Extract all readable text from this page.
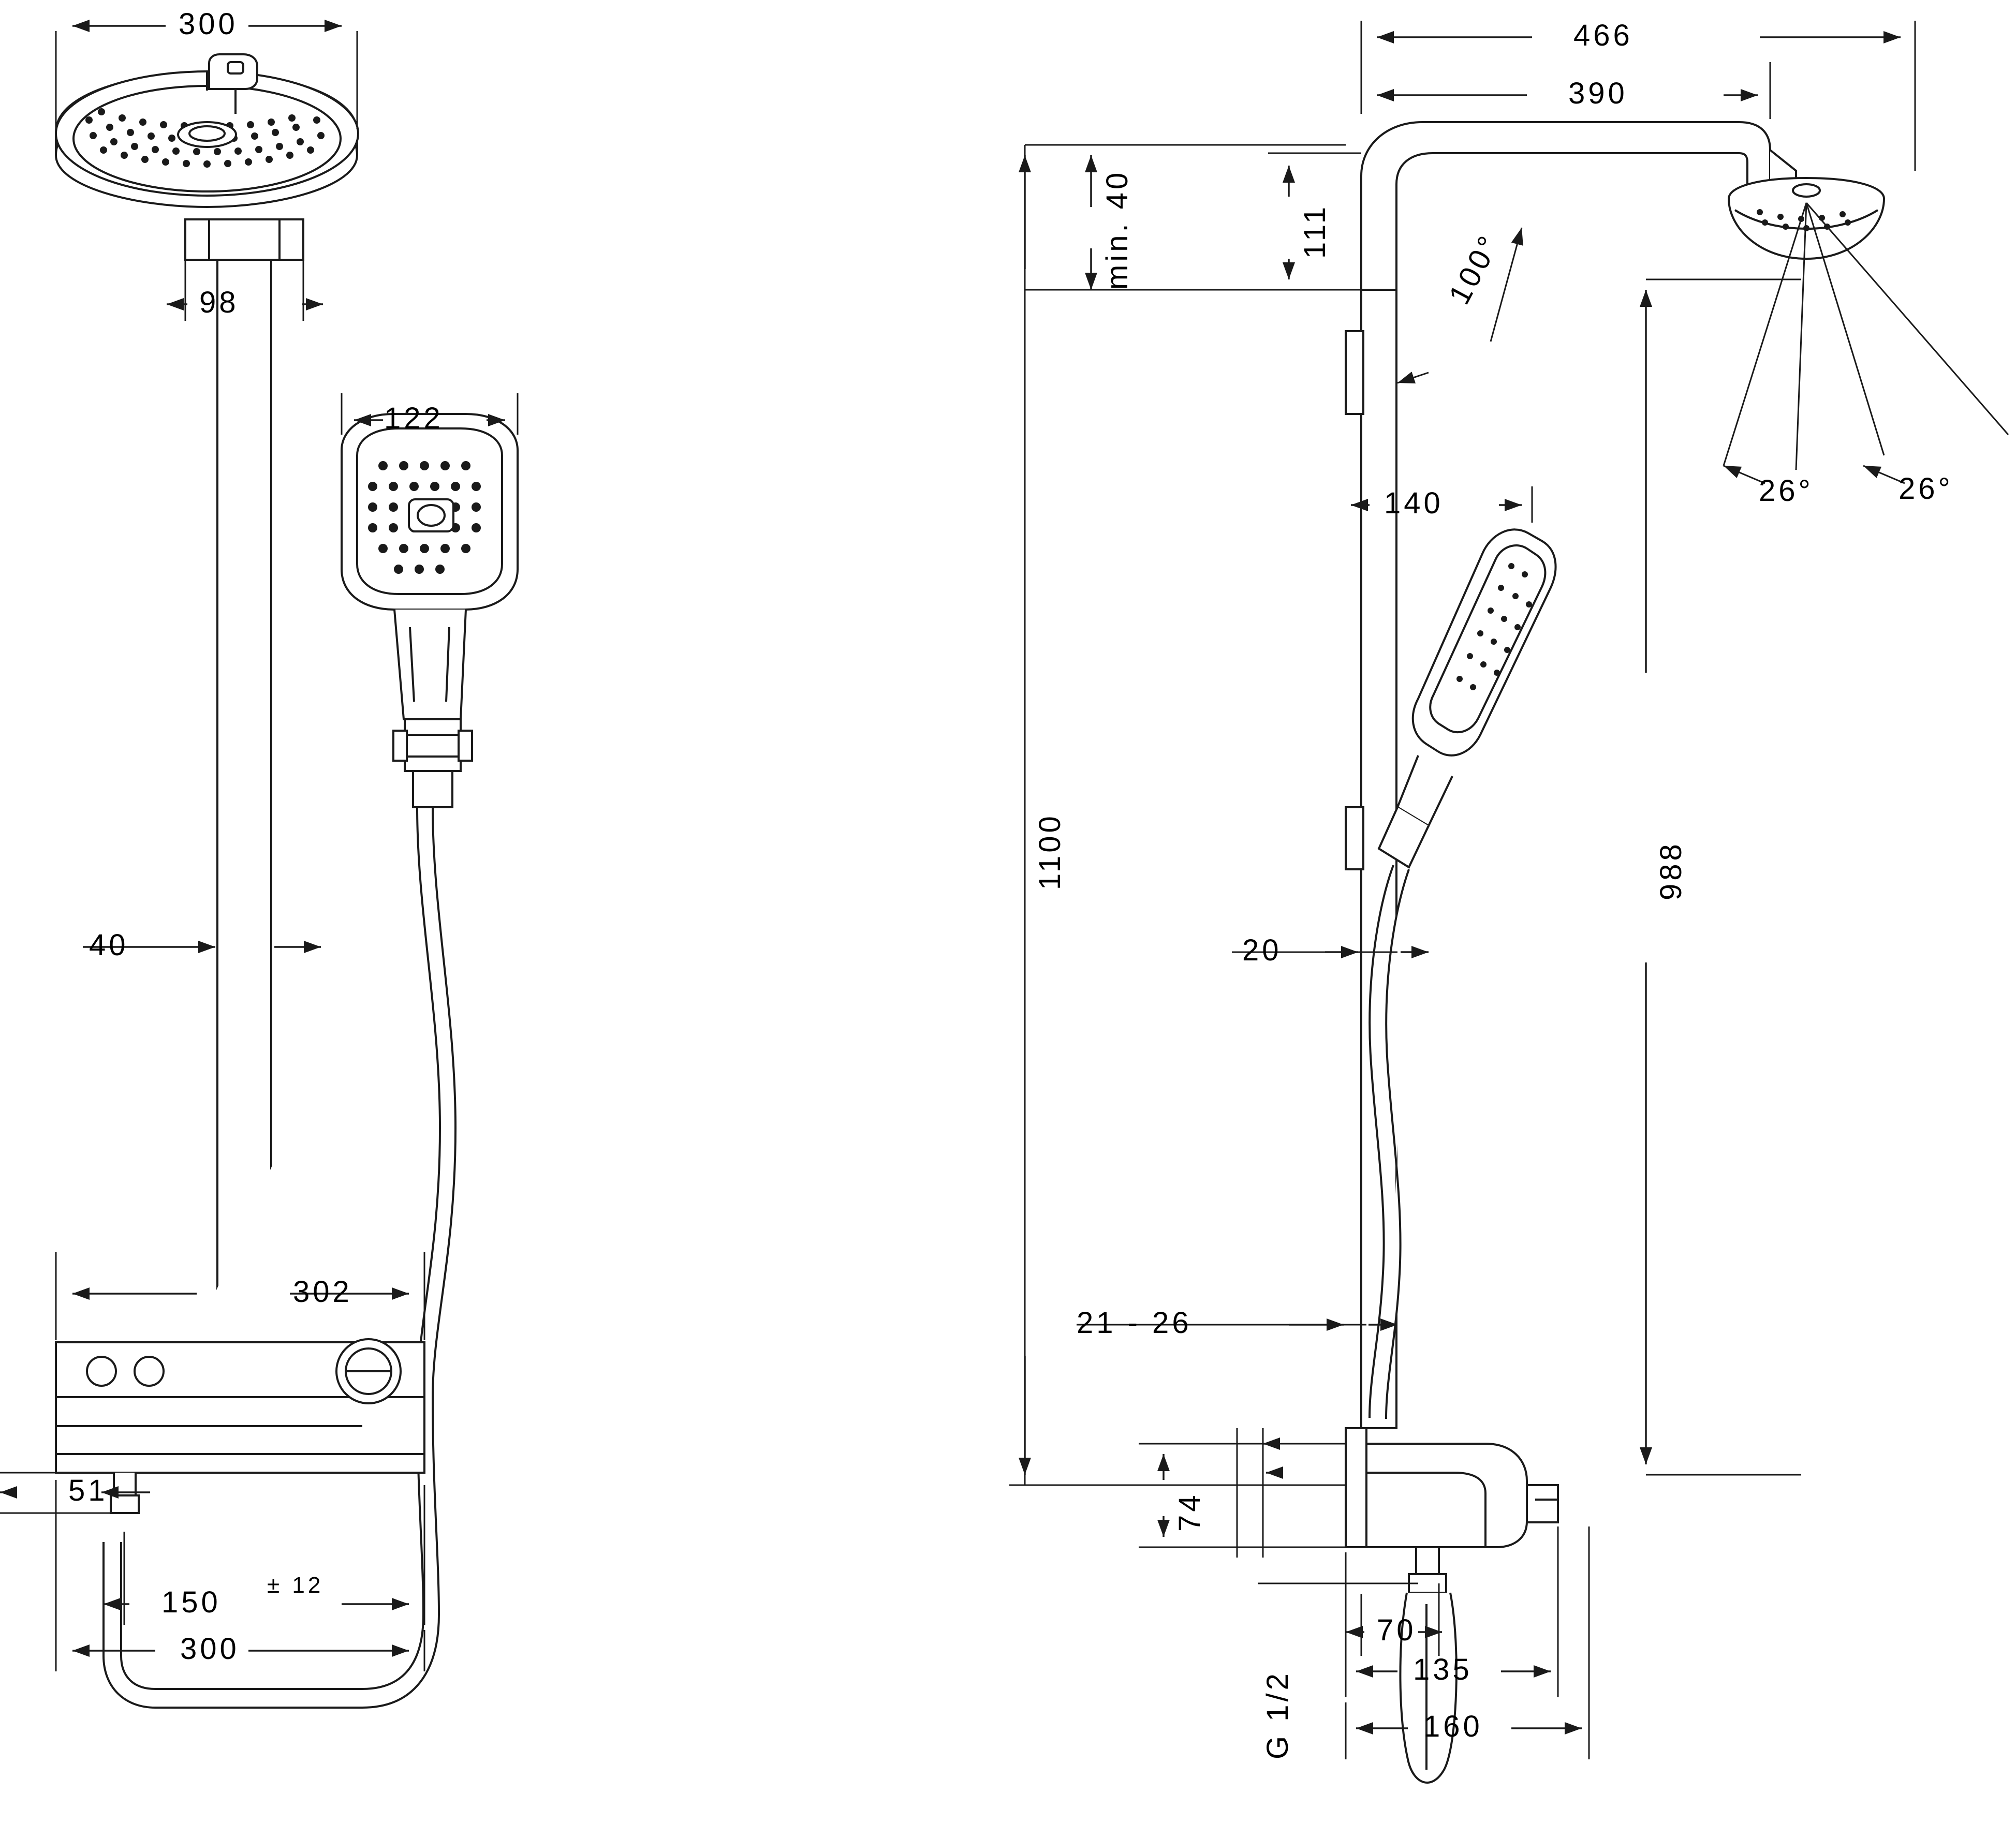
300
98
122
40
302
51
150
± 12
300
466
390
min. 40	111
140
1100	988
20
21 - 26
74
G 1/2
70
135
160
100°
26°	26°
